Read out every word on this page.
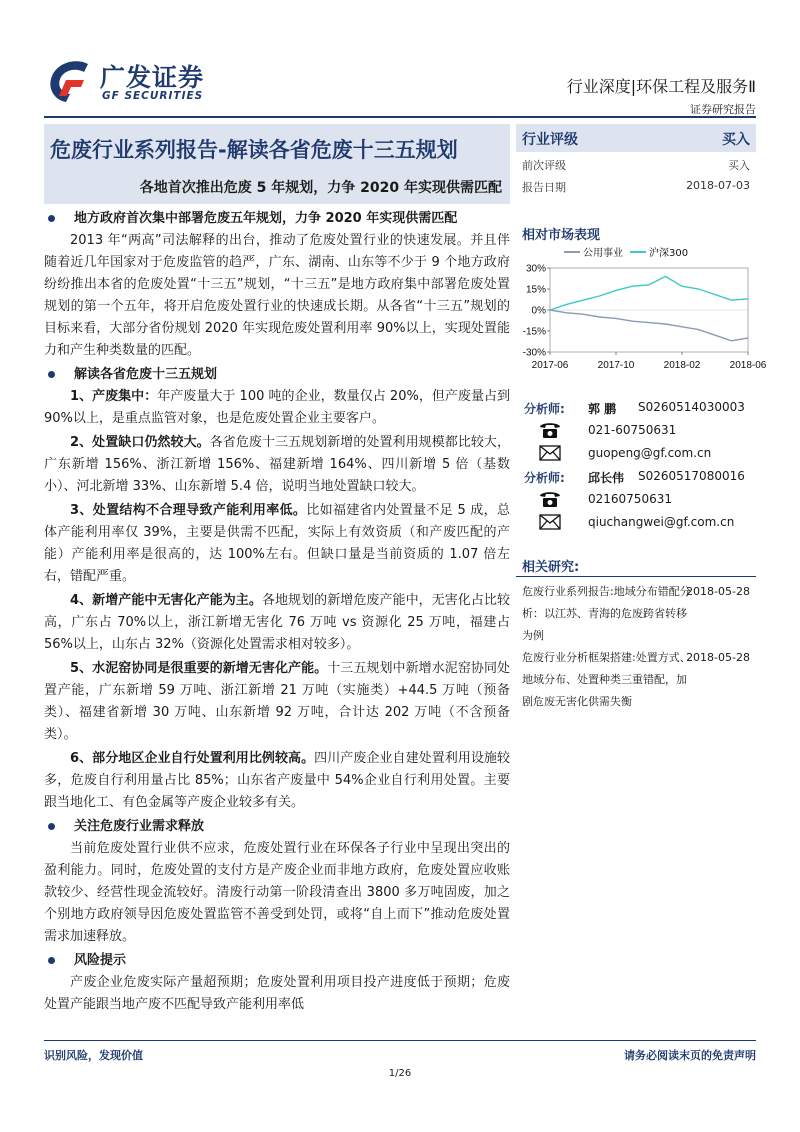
广发证券
GF SECURITIES	行业深度|环保工程及服务Ⅱ
证券研究报告
危废行业系列报告-解读各省危废十三五规划
各地首次推出危废 5 年规划，力争 2020 年实现供需匹配
行业评级	买入
前次评级	买入
报告日期	2018-07-03
相对市场表现
30%
15%
0%
-15%
-30%
2017-06	2017-10	2018-02	2018-06
公用事业	沪深300
分析师: 郭 鹏 S0260514030003
021-60750631
guopeng@gf.com.cn
分析师: 邱长伟 S0260517080016
02160750631
qiuchangwei@gf.com.cn
相关研究:
危废行业系列报告:地域分布错配分析：以江苏、青海的危废跨省转移为例
2018-05-28
危废行业分析框架搭建:处置方式、地域分布、处置种类三重错配，加剧危废无害化供需失衡
2018-05-28
地方政府首次集中部署危废五年规划，力争 2020 年实现供需匹配

2013 年“两高”司法解释的出台，推动了危废处置行业的快速发展。并且伴随着近几年国家对于危废监管的趋严，广东、湖南、山东等不少于 9 个地方政府纷纷推出本省的危废处置“十三五”规划，“十三五”是地方政府集中部署危废处置规划的第一个五年，将开启危废处置行业的快速成长期。从各省“十三五”规划的目标来看，大部分省份规划 2020 年实现危废处置利用率 90%以上，实现处置能力和产生种类数量的匹配。

解读各省危废十三五规划

1、产废集中：年产废量大于 100 吨的企业，数量仅占 20%，但产废量占到 90%以上，是重点监管对象，也是危废处置企业主要客户。

2、处置缺口仍然较大。各省危废十三五规划新增的处置利用规模都比较大，广东新增 156%、浙江新增 156%、福建新增 164%、四川新增 5 倍（基数小）、河北新增 33%、山东新增 5.4 倍，说明当地处置缺口较大。

3、处置结构不合理导致产能利用率低。比如福建省内处置量不足 5 成，总体产能利用率仅 39%，主要是供需不匹配，实际上有效资质（和产废匹配的产能）产能利用率是很高的，达 100%左右。但缺口量是当前资质的 1.07 倍左右，错配严重。

4、新增产能中无害化产能为主。各地规划的新增危废产能中，无害化占比较高，广东占 70%以上，浙江新增无害化 76 万吨 vs 资源化 25 万吨，福建占 56%以上，山东占 32%（资源化处置需求相对较多）。

5、水泥窑协同是很重要的新增无害化产能。十三五规划中新增水泥窑协同处置产能，广东新增 59 万吨、浙江新增 21 万吨（实施类）+44.5 万吨（预备类）、福建省新增 30 万吨、山东新增 92 万吨，合计达 202 万吨（不含预备类）。

6、部分地区企业自行处置利用比例较高。四川产废企业自建处置利用设施较多，危废自行利用量占比 85%；山东省产废量中 54%企业自行利用处置。主要跟当地化工、有色金属等产废企业较多有关。

关注危废行业需求释放

当前危废处置行业供不应求，危废处置行业在环保各子行业中呈现出突出的盈利能力。同时，危废处置的支付方是产废企业而非地方政府，危废处置应收账款较少、经营性现金流较好。清废行动第一阶段清查出 3800 多万吨固废，加之个别地方政府领导因危废处置监管不善受到处罚，或将“自上而下”推动危废处置需求加速释放。

风险提示

产废企业危废实际产量超预期；危废处置利用项目投产进度低于预期；危废处置产能跟当地产废不匹配导致产能利用率低

识别风险，发现价值	请务必阅读末页的免责声明
1/26
